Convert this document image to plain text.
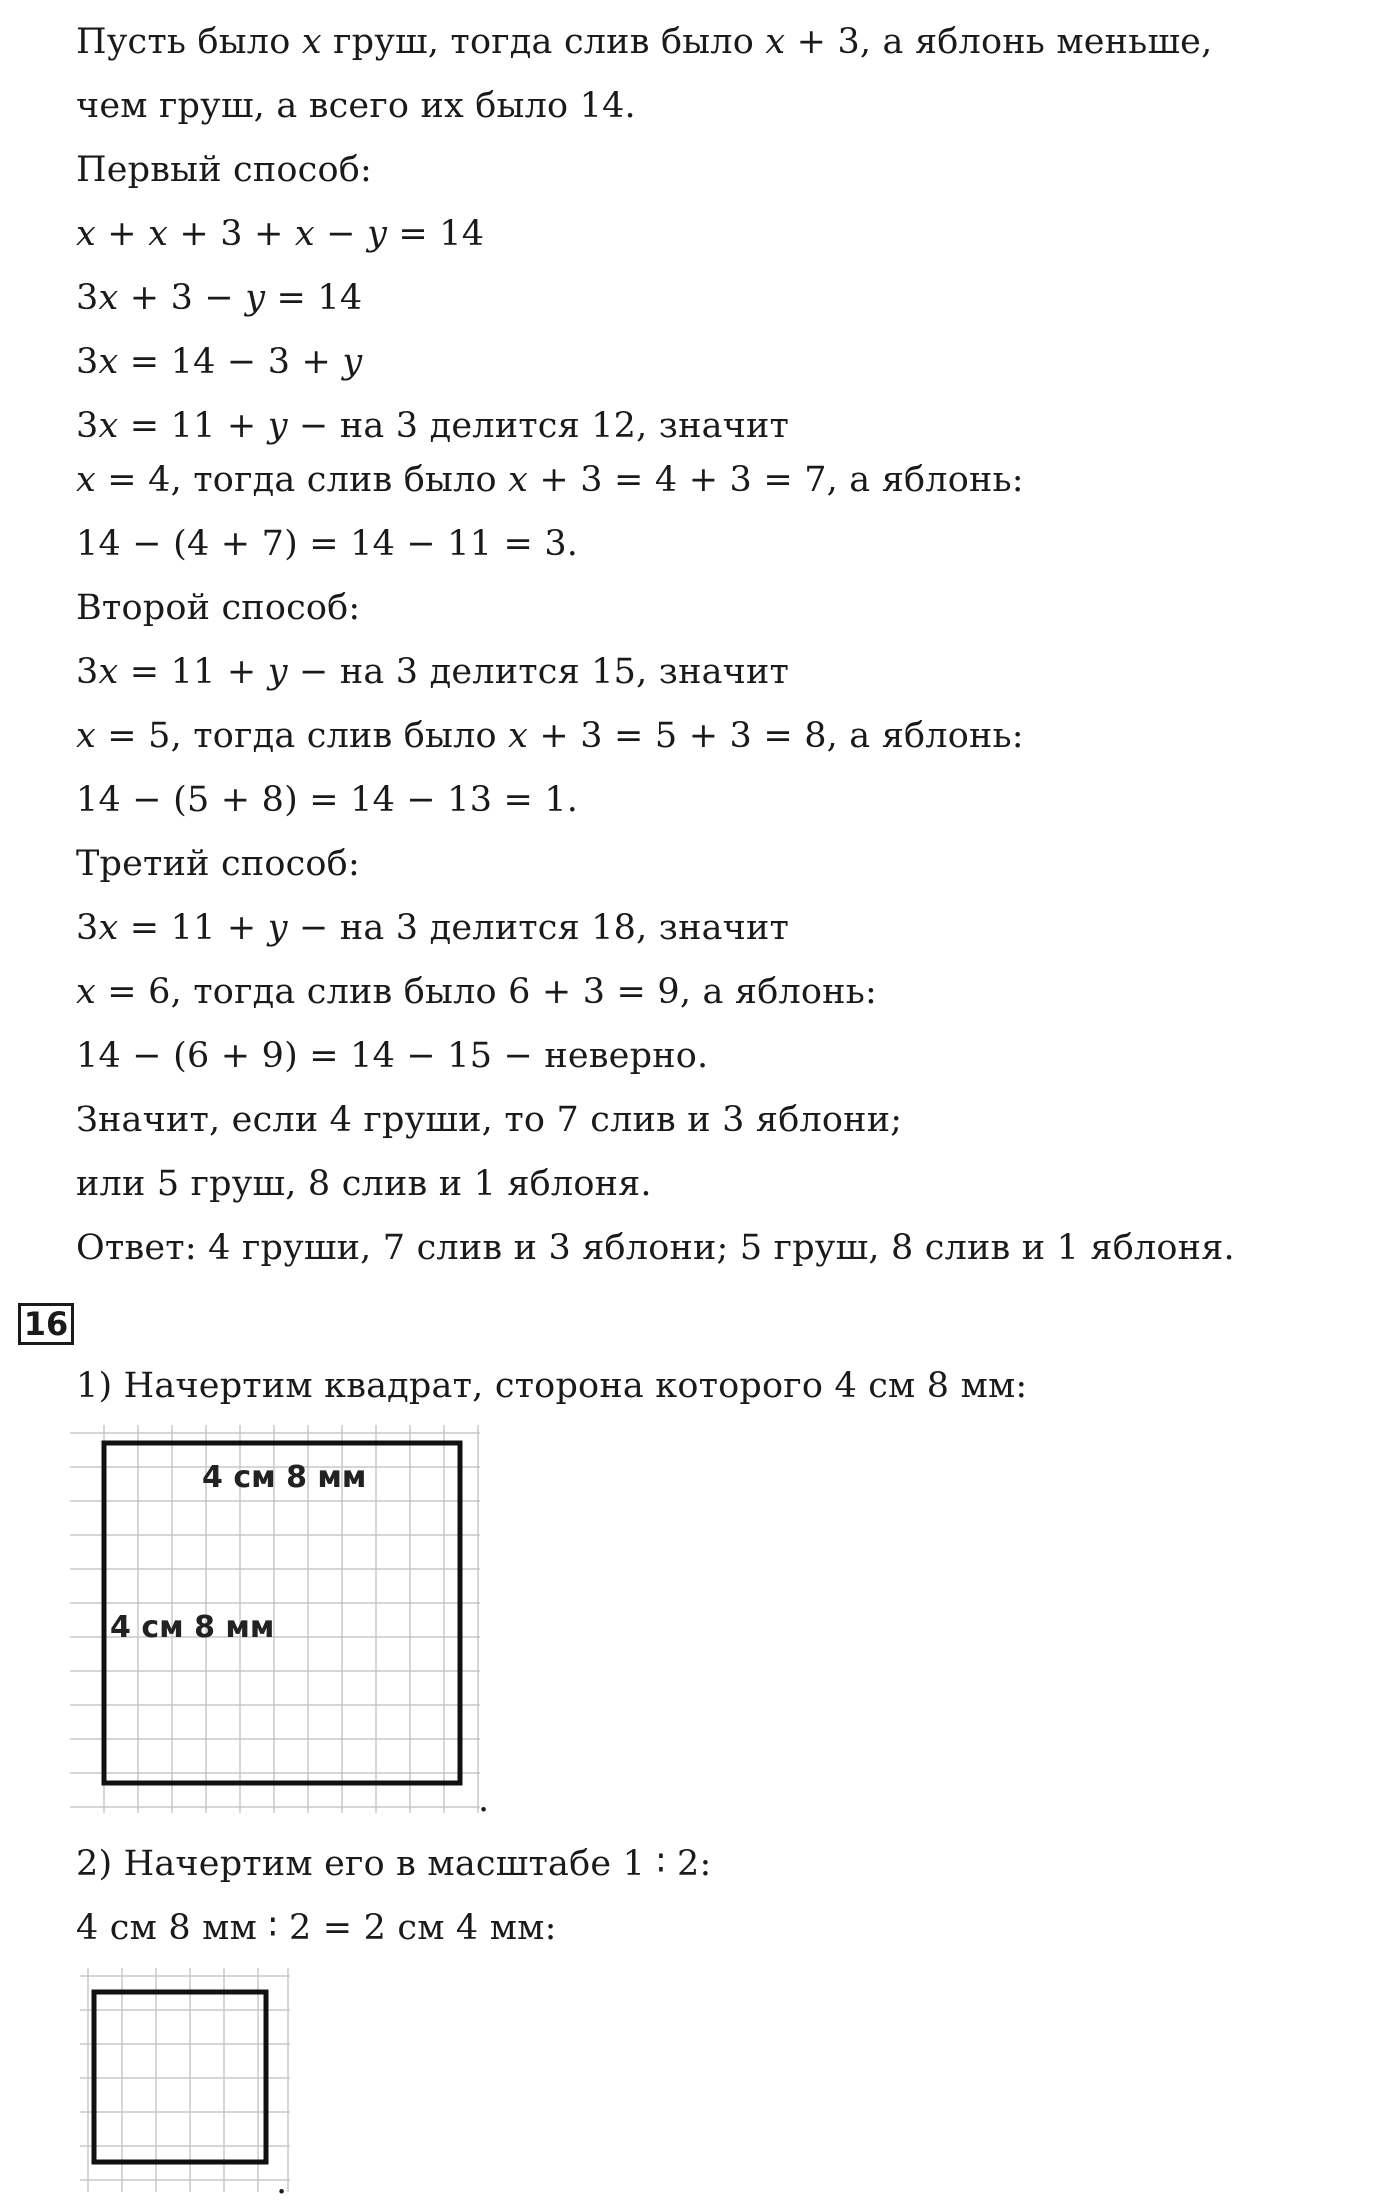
Пусть было x груш, тогда слив было x + 3, а яблонь меньше,
чем груш, а всего их было 14.
Первый способ:
x + x + 3 + x − y = 14
3x + 3 − y = 14
3x = 14 − 3 + y
3x = 11 + y − на 3 делится 12, значит
x = 4, тогда слив было x + 3 = 4 + 3 = 7, а яблонь:
14 − (4 + 7) = 14 − 11 = 3.
Второй способ:
3x = 11 + y − на 3 делится 15, значит
x = 5, тогда слив было x + 3 = 5 + 3 = 8, а яблонь:
14 − (5 + 8) = 14 − 13 = 1.
Третий способ:
3x = 11 + y − на 3 делится 18, значит
x = 6, тогда слив было 6 + 3 = 9, а яблонь:
14 − (6 + 9) = 14 − 15 − неверно.
Значит, если 4 груши, то 7 слив и 3 яблони;
или 5 груш, 8 слив и 1 яблоня.
Ответ: 4 груши, 7 слив и 3 яблони; 5 груш, 8 слив и 1 яблоня.
16
1) Начертим квадрат, сторона которого 4 см 8 мм:
4 см 8 мм
4 см 8 мм
.
2) Начертим его в масштабе 1 ∶ 2:
4 см 8 мм ∶ 2 = 2 см 4 мм:
.
